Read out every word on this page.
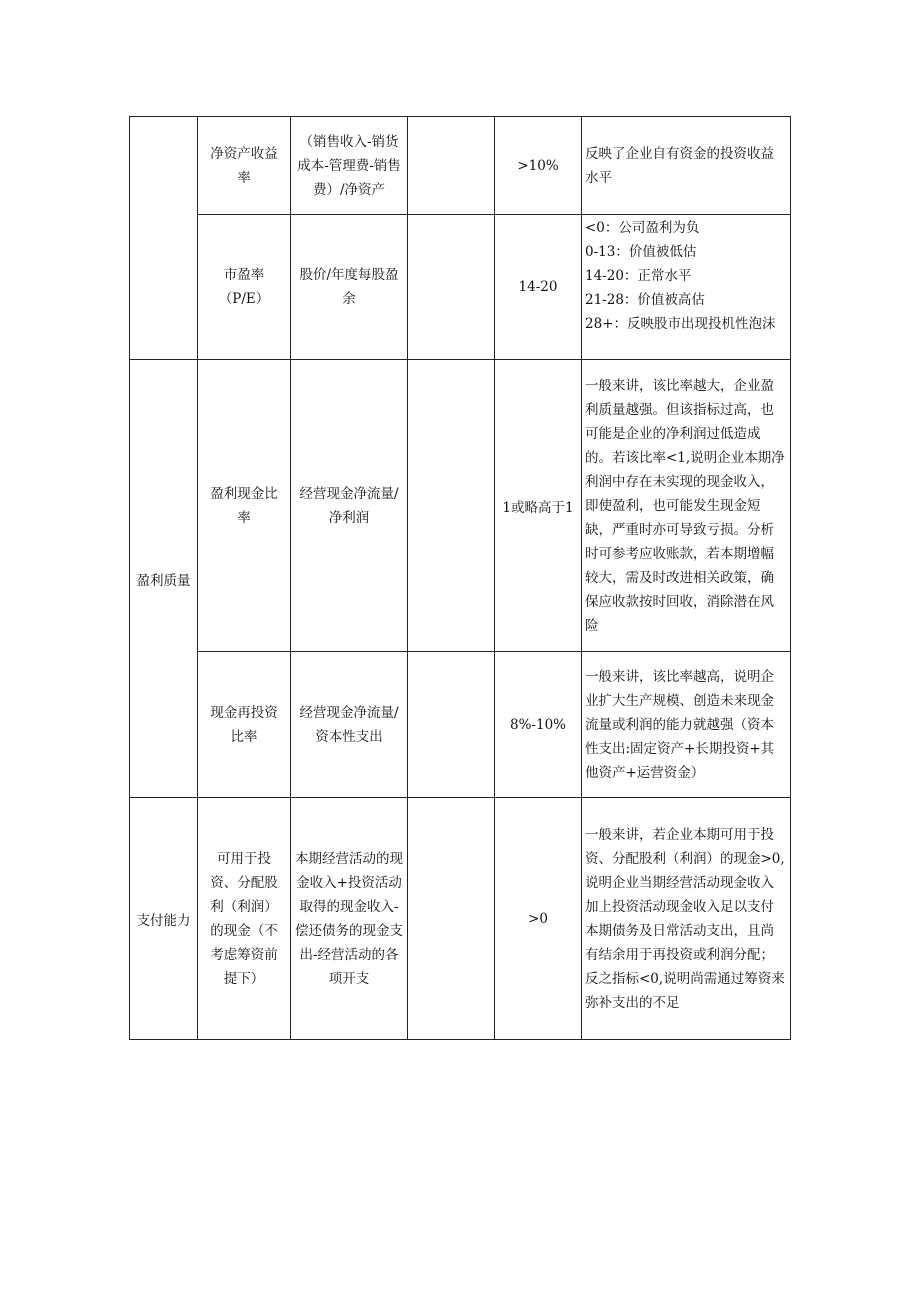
	净资产收益率	（销售收入-销货成本-管理费-销售费）/净资产		>10%	反映了企业自有资金的投资收益水平
	市盈率（P/E）	股价/年度每股盈余		14-20	<0：公司盈利为负
0-13：价值被低估
14-20：正常水平
21-28：价值被高估
28+：反映股市出现投机性泡沫

盈利质量	盈利现金比率	经营现金净流量/净利润		1或略高于1	一般来讲，该比率越大，企业盈利质量越强。但该指标过高，也可能是企业的净利润过低造成的。若该比率<1,说明企业本期净利润中存在未实现的现金收入，即使盈利，也可能发生现金短缺，严重时亦可导致亏损。分析时可参考应收账款，若本期增幅较大，需及时改进相关政策，确保应收款按时回收，消除潜在风险
	现金再投资比率	经营现金净流量/资本性支出		8%-10%	一般来讲，该比率越高，说明企业扩大生产规模、创造未来现金流量或利润的能力就越强（资本性支出:固定资产+长期投资+其他资产+运营资金）
支付能力	可用于投资、分配股利（利润）的现金（不考虑筹资前提下）	本期经营活动的现金收入+投资活动取得的现金收入-偿还债务的现金支出-经营活动的各项开支		>0	一般来讲，若企业本期可用于投资、分配股利（利润）的现金>0,说明企业当期经营活动现金收入加上投资活动现金收入足以支付本期债务及日常活动支出，且尚有结余用于再投资或利润分配；反之指标<0,说明尚需通过筹资来弥补支出的不足
